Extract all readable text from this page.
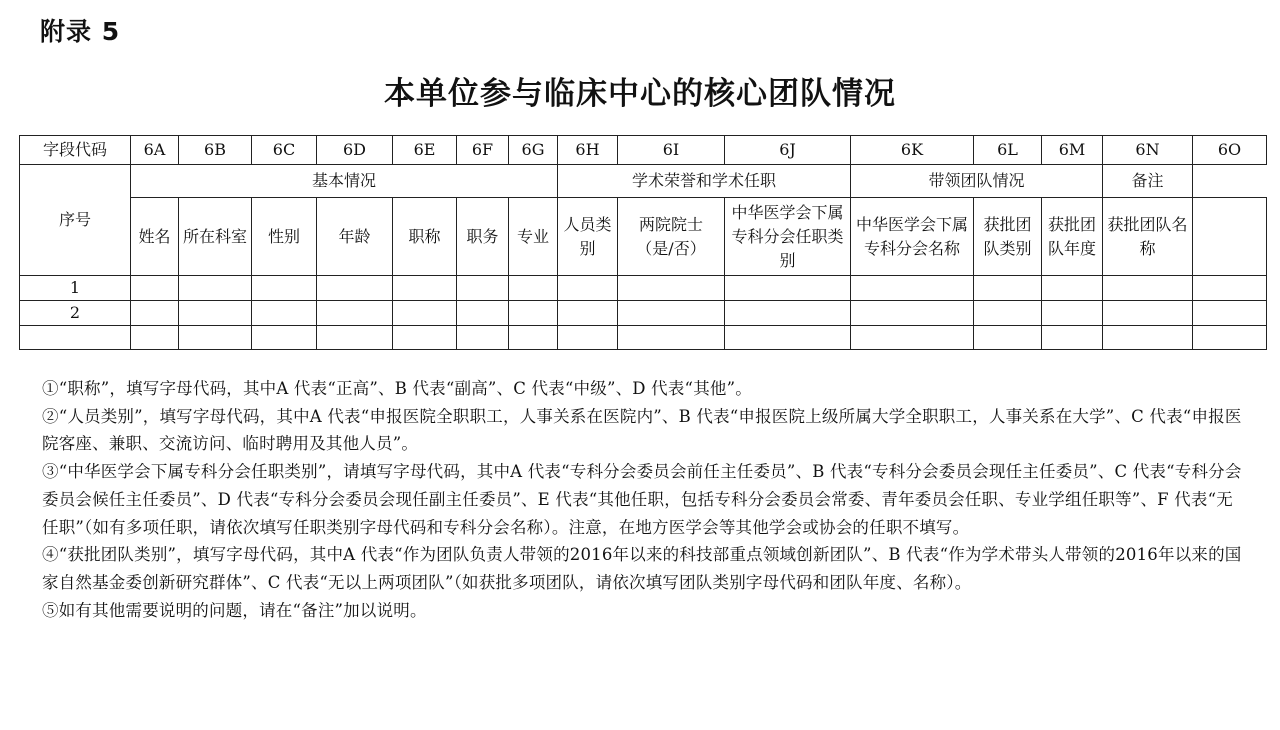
附录 5
本单位参与临床中心的核心团队情况
字段代码	6A	6B	6C	6D	6E	6F	6G	6H	6I	6J	6K	6L	6M	6N	6O
序号	基本情况							学术荣誉和学术任职			带领团队情况			备注	
	姓名	所在科室	性别	年龄	职称	职务	专业	人员类别	两院院士（是/否）	中华医学会下属专科分会任职类别	中华医学会下属专科分会名称	获批团队类别	获批团队年度	获批团队名称	
1															
2															

①“职称”，填写字母代码，其中A 代表“正高”、B 代表“副高”、C 代表“中级”、D 代表“其他”。

②“人员类别”，填写字母代码，其中A 代表“申报医院全职职工，人事关系在医院内”、B 代表“申报医院上级所属大学全职职工，人事关系在大学”、C 代表“申报医院客座、兼职、交流访问、临时聘用及其他人员”。

③“中华医学会下属专科分会任职类别”，请填写字母代码，其中A 代表“专科分会委员会前任主任委员”、B 代表“专科分会委员会现任主任委员”、C 代表“专科分会委员会候任主任委员”、D 代表“专科分会委员会现任副主任委员”、E 代表“其他任职，包括专科分会委员会常委、青年委员会任职、专业学组任职等”、F 代表“无任职”（如有多项任职，请依次填写任职类别字母代码和专科分会名称）。注意，在地方医学会等其他学会或协会的任职不填写。

④“获批团队类别”，填写字母代码，其中A 代表“作为团队负责人带领的2016年以来的科技部重点领域创新团队”、B 代表“作为学术带头人带领的2016年以来的国家自然基金委创新研究群体”、C 代表“无以上两项团队”（如获批多项团队，请依次填写团队类别字母代码和团队年度、名称）。

⑤如有其他需要说明的问题，请在“备注”加以说明。
